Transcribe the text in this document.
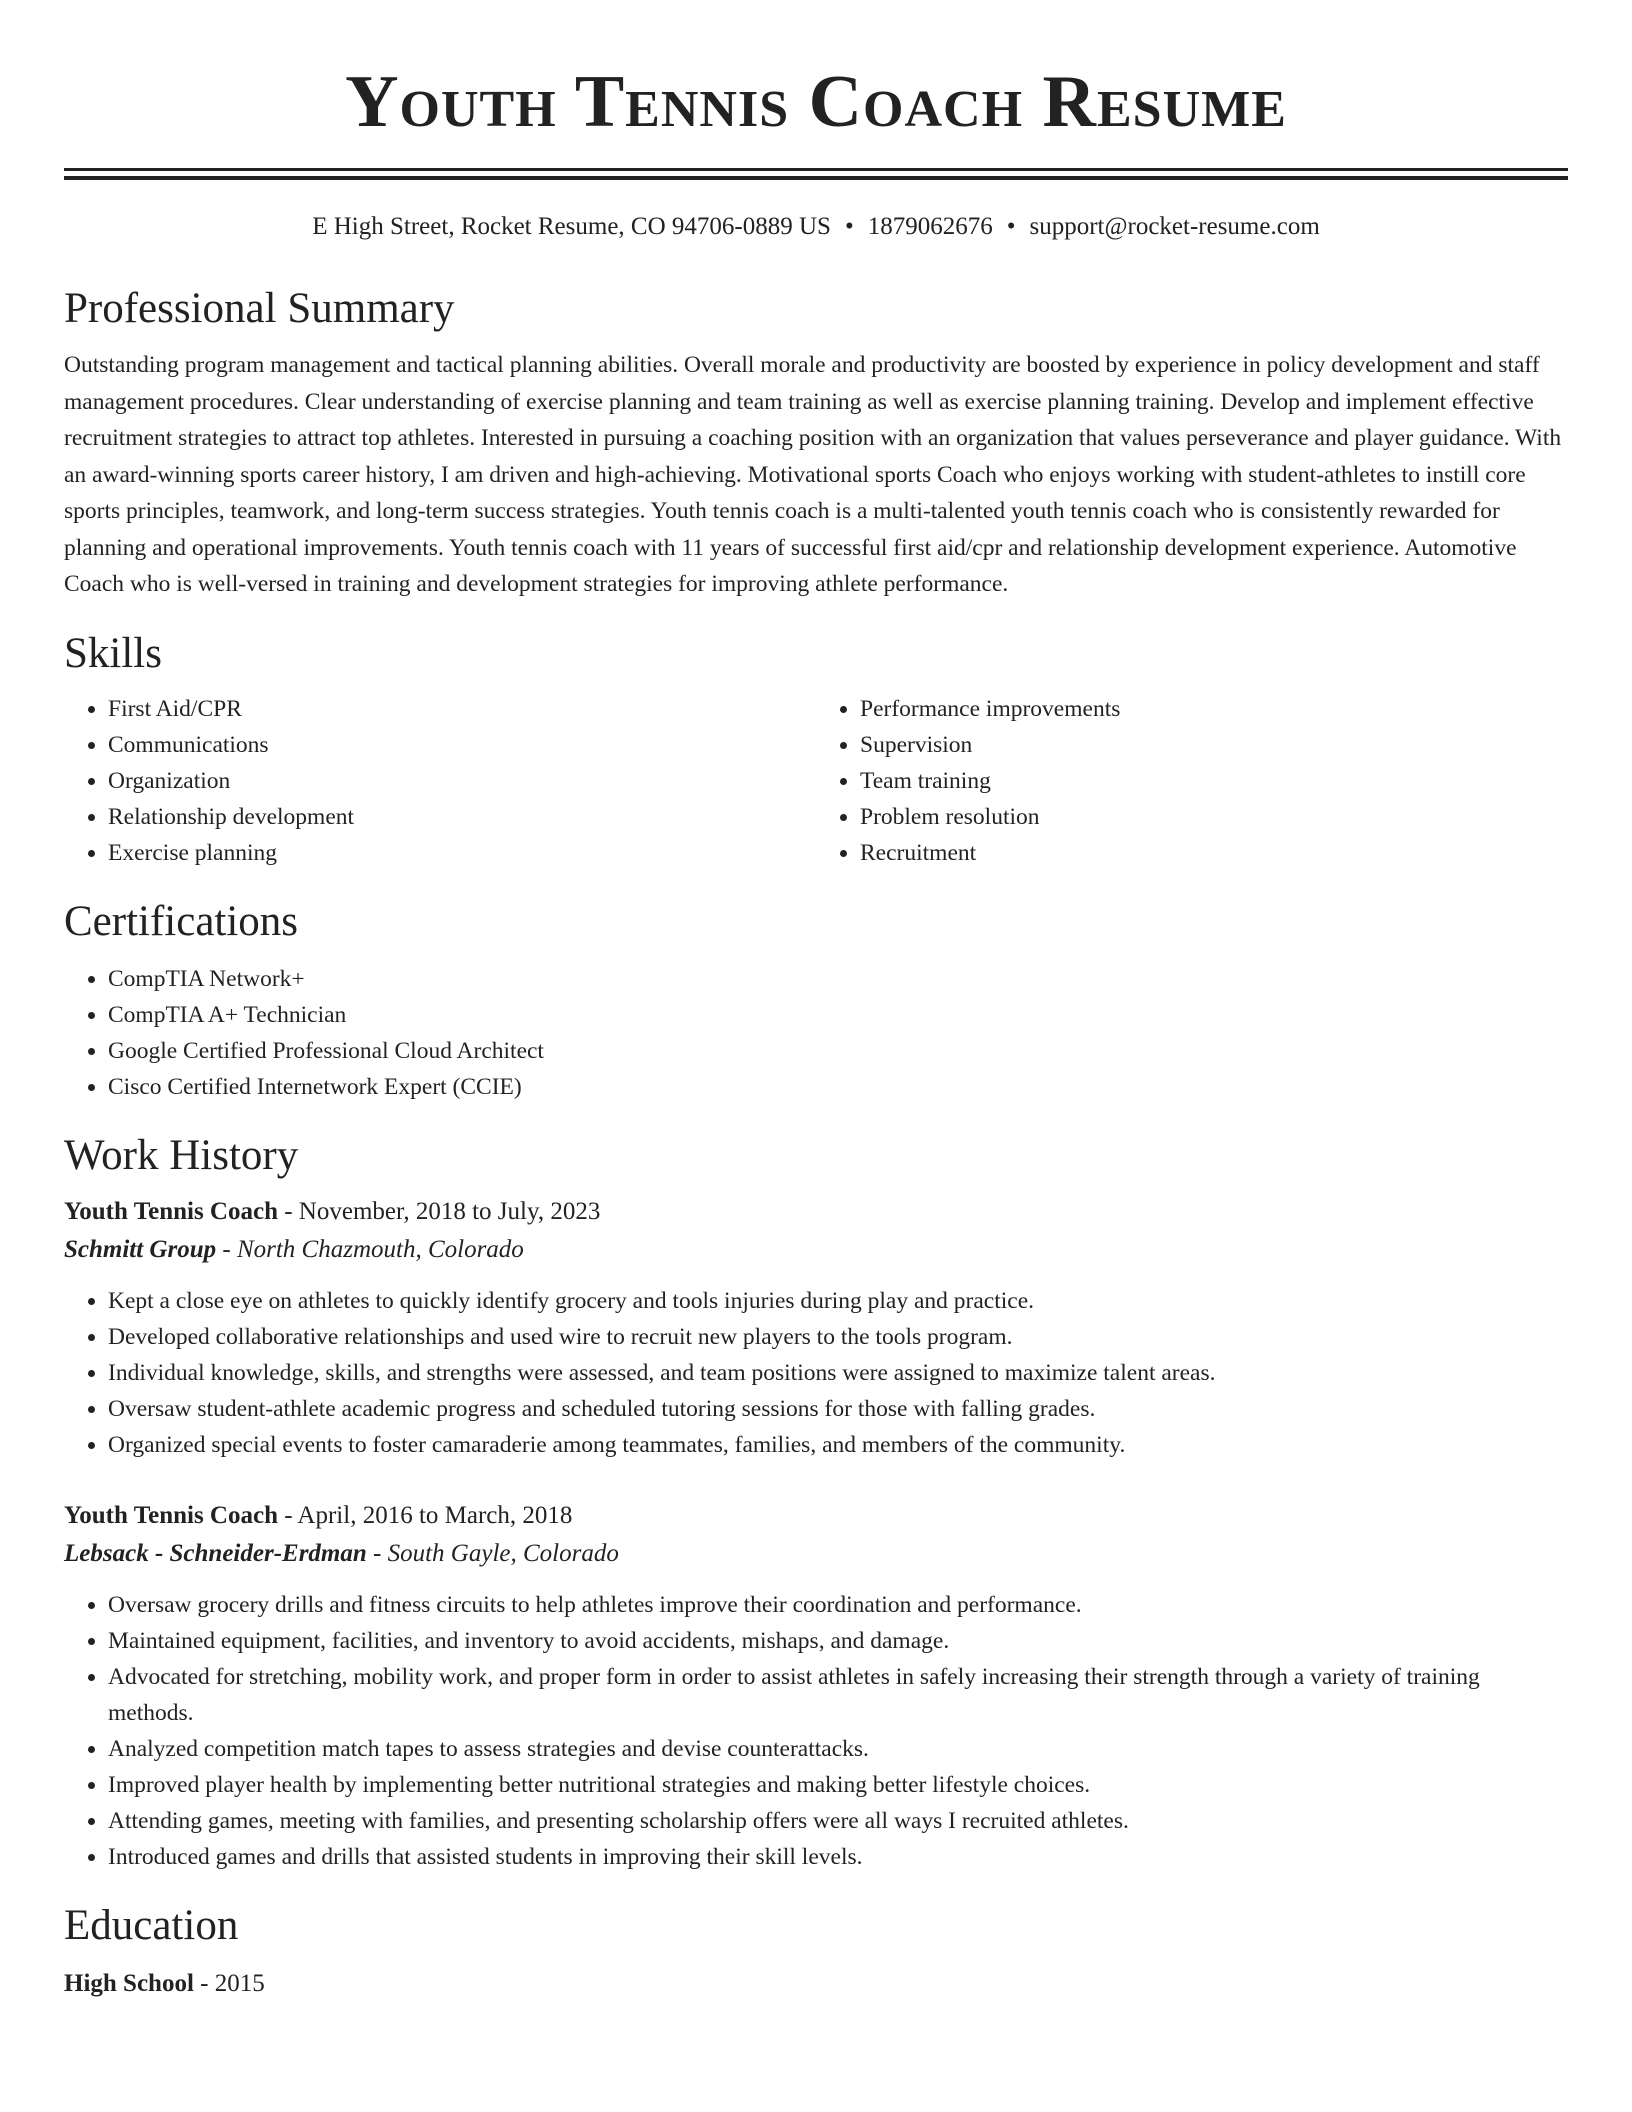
Youth Tennis Coach Resume
E High Street, Rocket Resume, CO 94706-0889 US • 1879062676 • support@rocket-resume.com
Professional Summary

Outstanding program management and tactical planning abilities. Overall morale and productivity are boosted by experience in policy development and staff management procedures. Clear understanding of exercise planning and team training as well as exercise planning training. Develop and implement effective recruitment strategies to attract top athletes. Interested in pursuing a coaching position with an organization that values perseverance and player guidance. With an award-winning sports career history, I am driven and high-achieving. Motivational sports Coach who enjoys working with student-athletes to instill core sports principles, teamwork, and long-term success strategies. Youth tennis coach is a multi-talented youth tennis coach who is consistently rewarded for planning and operational improvements. Youth tennis coach with 11 years of successful first aid/cpr and relationship development experience. Automotive Coach who is well-versed in training and development strategies for improving athlete performance.

Skills
• First Aid/CPR
• Communications
• Organization
• Relationship development
• Exercise planning
• Performance improvements
• Supervision
• Team training
• Problem resolution
• Recruitment
Certifications
• CompTIA Network+
• CompTIA A+ Technician
• Google Certified Professional Cloud Architect
• Cisco Certified Internetwork Expert (CCIE)
Work History

Youth Tennis Coach - November, 2018 to July, 2023

Schmitt Group - North Chazmouth, Colorado

• Kept a close eye on athletes to quickly identify grocery and tools injuries during play and practice.
• Developed collaborative relationships and used wire to recruit new players to the tools program.
• Individual knowledge, skills, and strengths were assessed, and team positions were assigned to maximize talent areas.
• Oversaw student-athlete academic progress and scheduled tutoring sessions for those with falling grades.
• Organized special events to foster camaraderie among teammates, families, and members of the community.

Youth Tennis Coach - April, 2016 to March, 2018

Lebsack - Schneider-Erdman - South Gayle, Colorado

• Oversaw grocery drills and fitness circuits to help athletes improve their coordination and performance.
• Maintained equipment, facilities, and inventory to avoid accidents, mishaps, and damage.
• Advocated for stretching, mobility work, and proper form in order to assist athletes in safely increasing their strength through a variety of training methods.
• Analyzed competition match tapes to assess strategies and devise counterattacks.
• Improved player health by implementing better nutritional strategies and making better lifestyle choices.
• Attending games, meeting with families, and presenting scholarship offers were all ways I recruited athletes.
• Introduced games and drills that assisted students in improving their skill levels.
Education

High School - 2015
